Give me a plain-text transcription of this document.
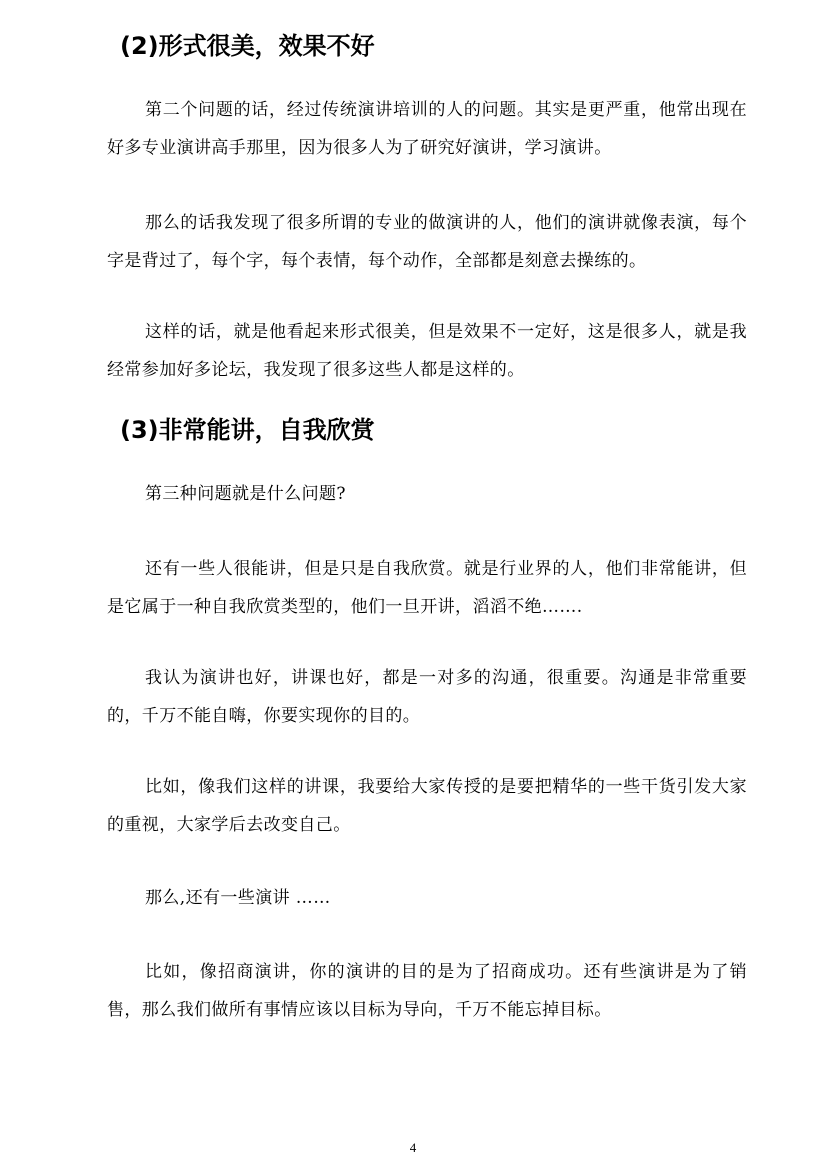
(2)形式很美，效果不好

第二个问题的话，经过传统演讲培训的人的问题。其实是更严重，他常出现在好多专业演讲高手那里，因为很多人为了研究好演讲，学习演讲。

那么的话我发现了很多所谓的专业的做演讲的人，他们的演讲就像表演，每个字是背过了，每个字，每个表情，每个动作，全部都是刻意去操练的。

这样的话，就是他看起来形式很美，但是效果不一定好，这是很多人，就是我经常参加好多论坛，我发现了很多这些人都是这样的。

(3)非常能讲，自我欣赏

第三种问题就是什么问题?

还有一些人很能讲，但是只是自我欣赏。就是行业界的人，他们非常能讲，但是它属于一种自我欣赏类型的，他们一旦开讲，滔滔不绝…….

我认为演讲也好，讲课也好，都是一对多的沟通，很重要。沟通是非常重要的，千万不能自嗨，你要实现你的目的。

比如，像我们这样的讲课，我要给大家传授的是要把精华的一些干货引发大家的重视，大家学后去改变自己。

那么,还有一些演讲 ……

比如，像招商演讲，你的演讲的目的是为了招商成功。还有些演讲是为了销售，那么我们做所有事情应该以目标为导向，千万不能忘掉目标。

4
